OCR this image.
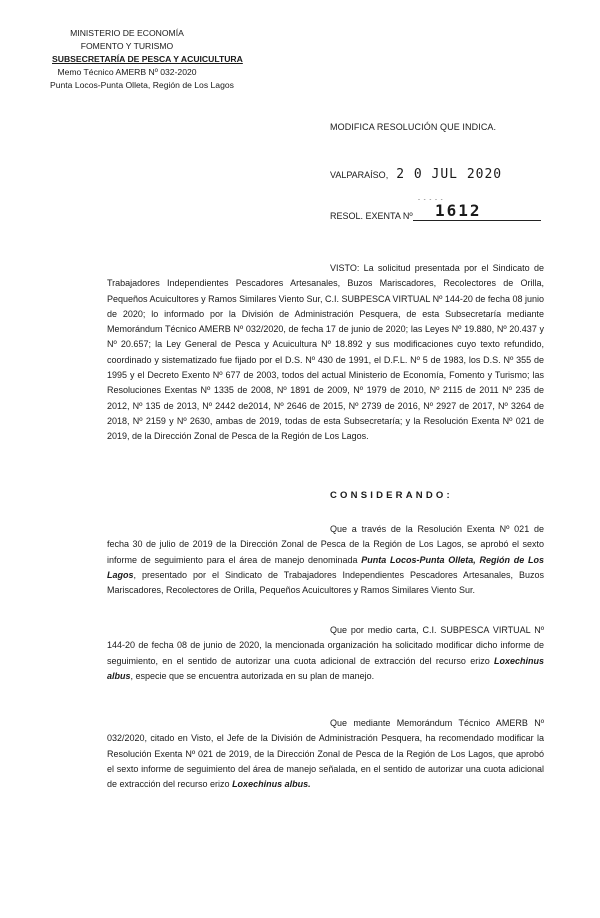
MINISTERIO DE ECONOMÍA
FOMENTO Y TURISMO
SUBSECRETARÍA DE PESCA Y ACUICULTURA
Memo Técnico AMERB Nº 032-2020
Punta Locos-Punta Olleta, Región de Los Lagos
MODIFICA RESOLUCIÓN QUE INDICA.
VALPARAÍSO, 2 0 JUL 2020
- - - - -
RESOL. EXENTA Nº	1612
VISTO: La solicitud presentada por el Sindicato de Trabajadores Independientes Pescadores Artesanales, Buzos Mariscadores, Recolectores de Orilla, Pequeños Acuicultores y Ramos Similares Viento Sur, C.I. SUBPESCA VIRTUAL Nº 144-20 de fecha 08 junio de 2020; lo informado por la División de Administración Pesquera, de esta Subsecretaría mediante Memorándum Técnico AMERB Nº 032/2020, de fecha 17 de junio de 2020; las Leyes Nº 19.880, Nº 20.437 y Nº 20.657; la Ley General de Pesca y Acuicultura Nº 18.892 y sus modificaciones cuyo texto refundido, coordinado y sistematizado fue fijado por el D.S. Nº 430 de 1991, el D.F.L. Nº 5 de 1983, los D.S. Nº 355 de 1995 y el Decreto Exento Nº 677 de 2003, todos del actual Ministerio de Economía, Fomento y Turismo; las Resoluciones Exentas Nº 1335 de 2008, Nº 1891 de 2009, Nº 1979 de 2010, Nº 2115 de 2011 Nº 235 de 2012, Nº 135 de 2013, Nº 2442 de2014, Nº 2646 de 2015, Nº 2739 de 2016, Nº 2927 de 2017, Nº 3264 de 2018, Nº 2159 y Nº 2630, ambas de 2019, todas de esta Subsecretaría; y la Resolución Exenta Nº 021 de 2019, de la Dirección Zonal de Pesca de la Región de Los Lagos.
CONSIDERANDO:
Que a través de la Resolución Exenta Nº 021 de fecha 30 de julio de 2019 de la Dirección Zonal de Pesca de la Región de Los Lagos, se aprobó el sexto informe de seguimiento para el área de manejo denominada Punta Locos-Punta Olleta, Región de Los Lagos, presentado por el Sindicato de Trabajadores Independientes Pescadores Artesanales, Buzos Mariscadores, Recolectores de Orilla, Pequeños Acuicultores y Ramos Similares Viento Sur.
Que por medio carta, C.I. SUBPESCA VIRTUAL Nº 144-20 de fecha 08 de junio de 2020, la mencionada organización ha solicitado modificar dicho informe de seguimiento, en el sentido de autorizar una cuota adicional de extracción del recurso erizo Loxechinus albus, especie que se encuentra autorizada en su plan de manejo.
Que mediante Memorándum Técnico AMERB Nº 032/2020, citado en Visto, el Jefe de la División de Administración Pesquera, ha recomendado modificar la Resolución Exenta Nº 021 de 2019, de la Dirección Zonal de Pesca de la Región de Los Lagos, que aprobó el sexto informe de seguimiento del área de manejo señalada, en el sentido de autorizar una cuota adicional de extracción del recurso erizo Loxechinus albus.
